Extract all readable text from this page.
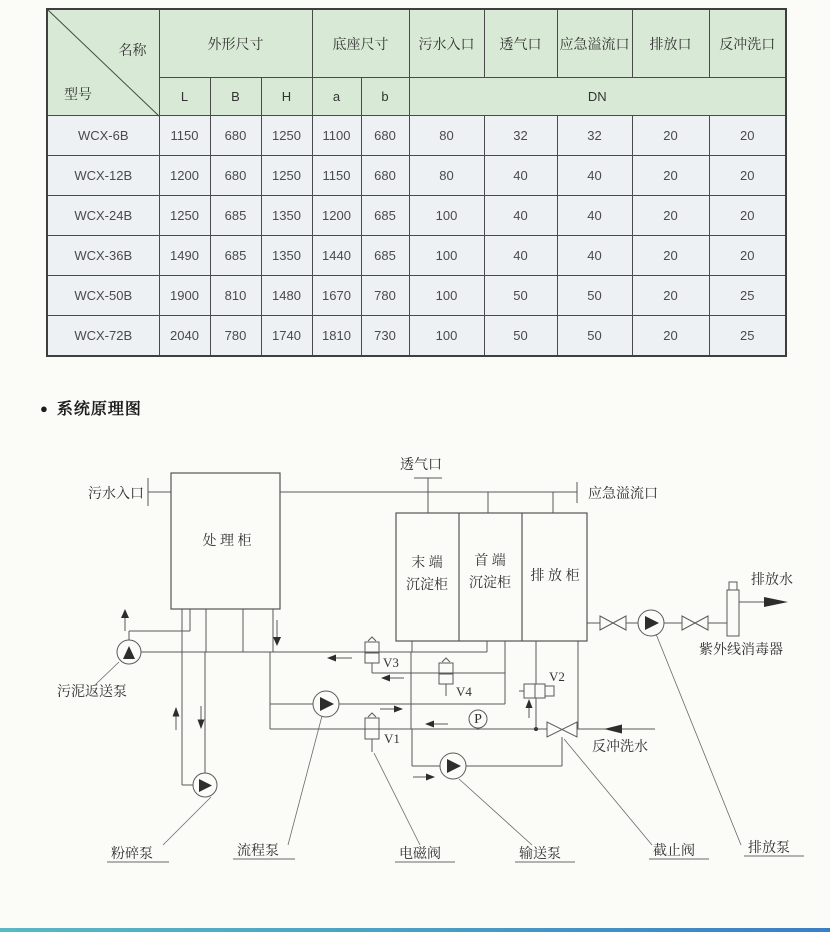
名称
型号	外形尺寸			底座尺寸		污水入口	透气口	应急溢流口	排放口	反冲洗口
	L	B	H	a	b	DN				
WCX-6B	1150	680	1250	1100	680	80	32	32	20	20
WCX-12B	1200	680	1250	1150	680	80	40	40	20	20
WCX-24B	1250	685	1350	1200	685	100	40	40	20	20
WCX-36B	1490	685	1350	1440	685	100	40	40	20	20
WCX-50B	1900	810	1480	1670	780	100	50	50	20	25
WCX-72B	2040	780	1740	1810	730	100	50	50	20	25
● 系统原理图
污水入口
透气口
应急溢流口
处 理 柜
末 端
沉淀柜
首 端
沉淀柜 排 放 柜	排放水
紫外线消毒器
反冲洗水
污泥返送泵
粉碎泵	流程泵	电磁阀	输送泵	截止阀	排放泵
V3
V4
V1
V2
P
